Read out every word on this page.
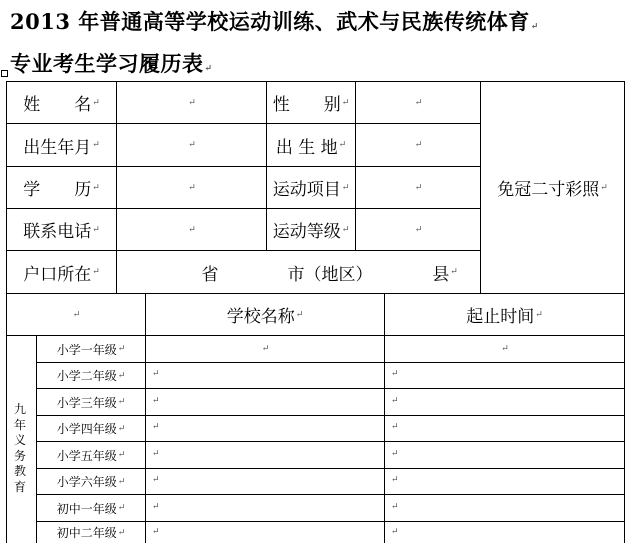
2013 年普通高等学校运动训练、武术与民族传统体育↵
专业考生学习履历表↵
姓　　名 ↵	↵	性　　别 ↵	↵
免冠二寸彩照 ↵
出生年月 ↵	↵	出 生 地 ↵	↵
学　　历 ↵	↵	运动项目 ↵	↵
联系电话 ↵	↵	运动等级 ↵	↵
户口所在 ↵	省	市（地区）	县 ↵
↵	学校名称 ↵	起止时间 ↵
九
年
义
务
教
育
小学一年级 ↵	↵	↵
小学二年级 ↵	↵	↵
小学三年级 ↵	↵	↵
小学四年级 ↵	↵	↵
小学五年级 ↵	↵	↵
小学六年级 ↵	↵	↵
初中一年级 ↵	↵	↵
初中二年级 ↵	↵	↵
